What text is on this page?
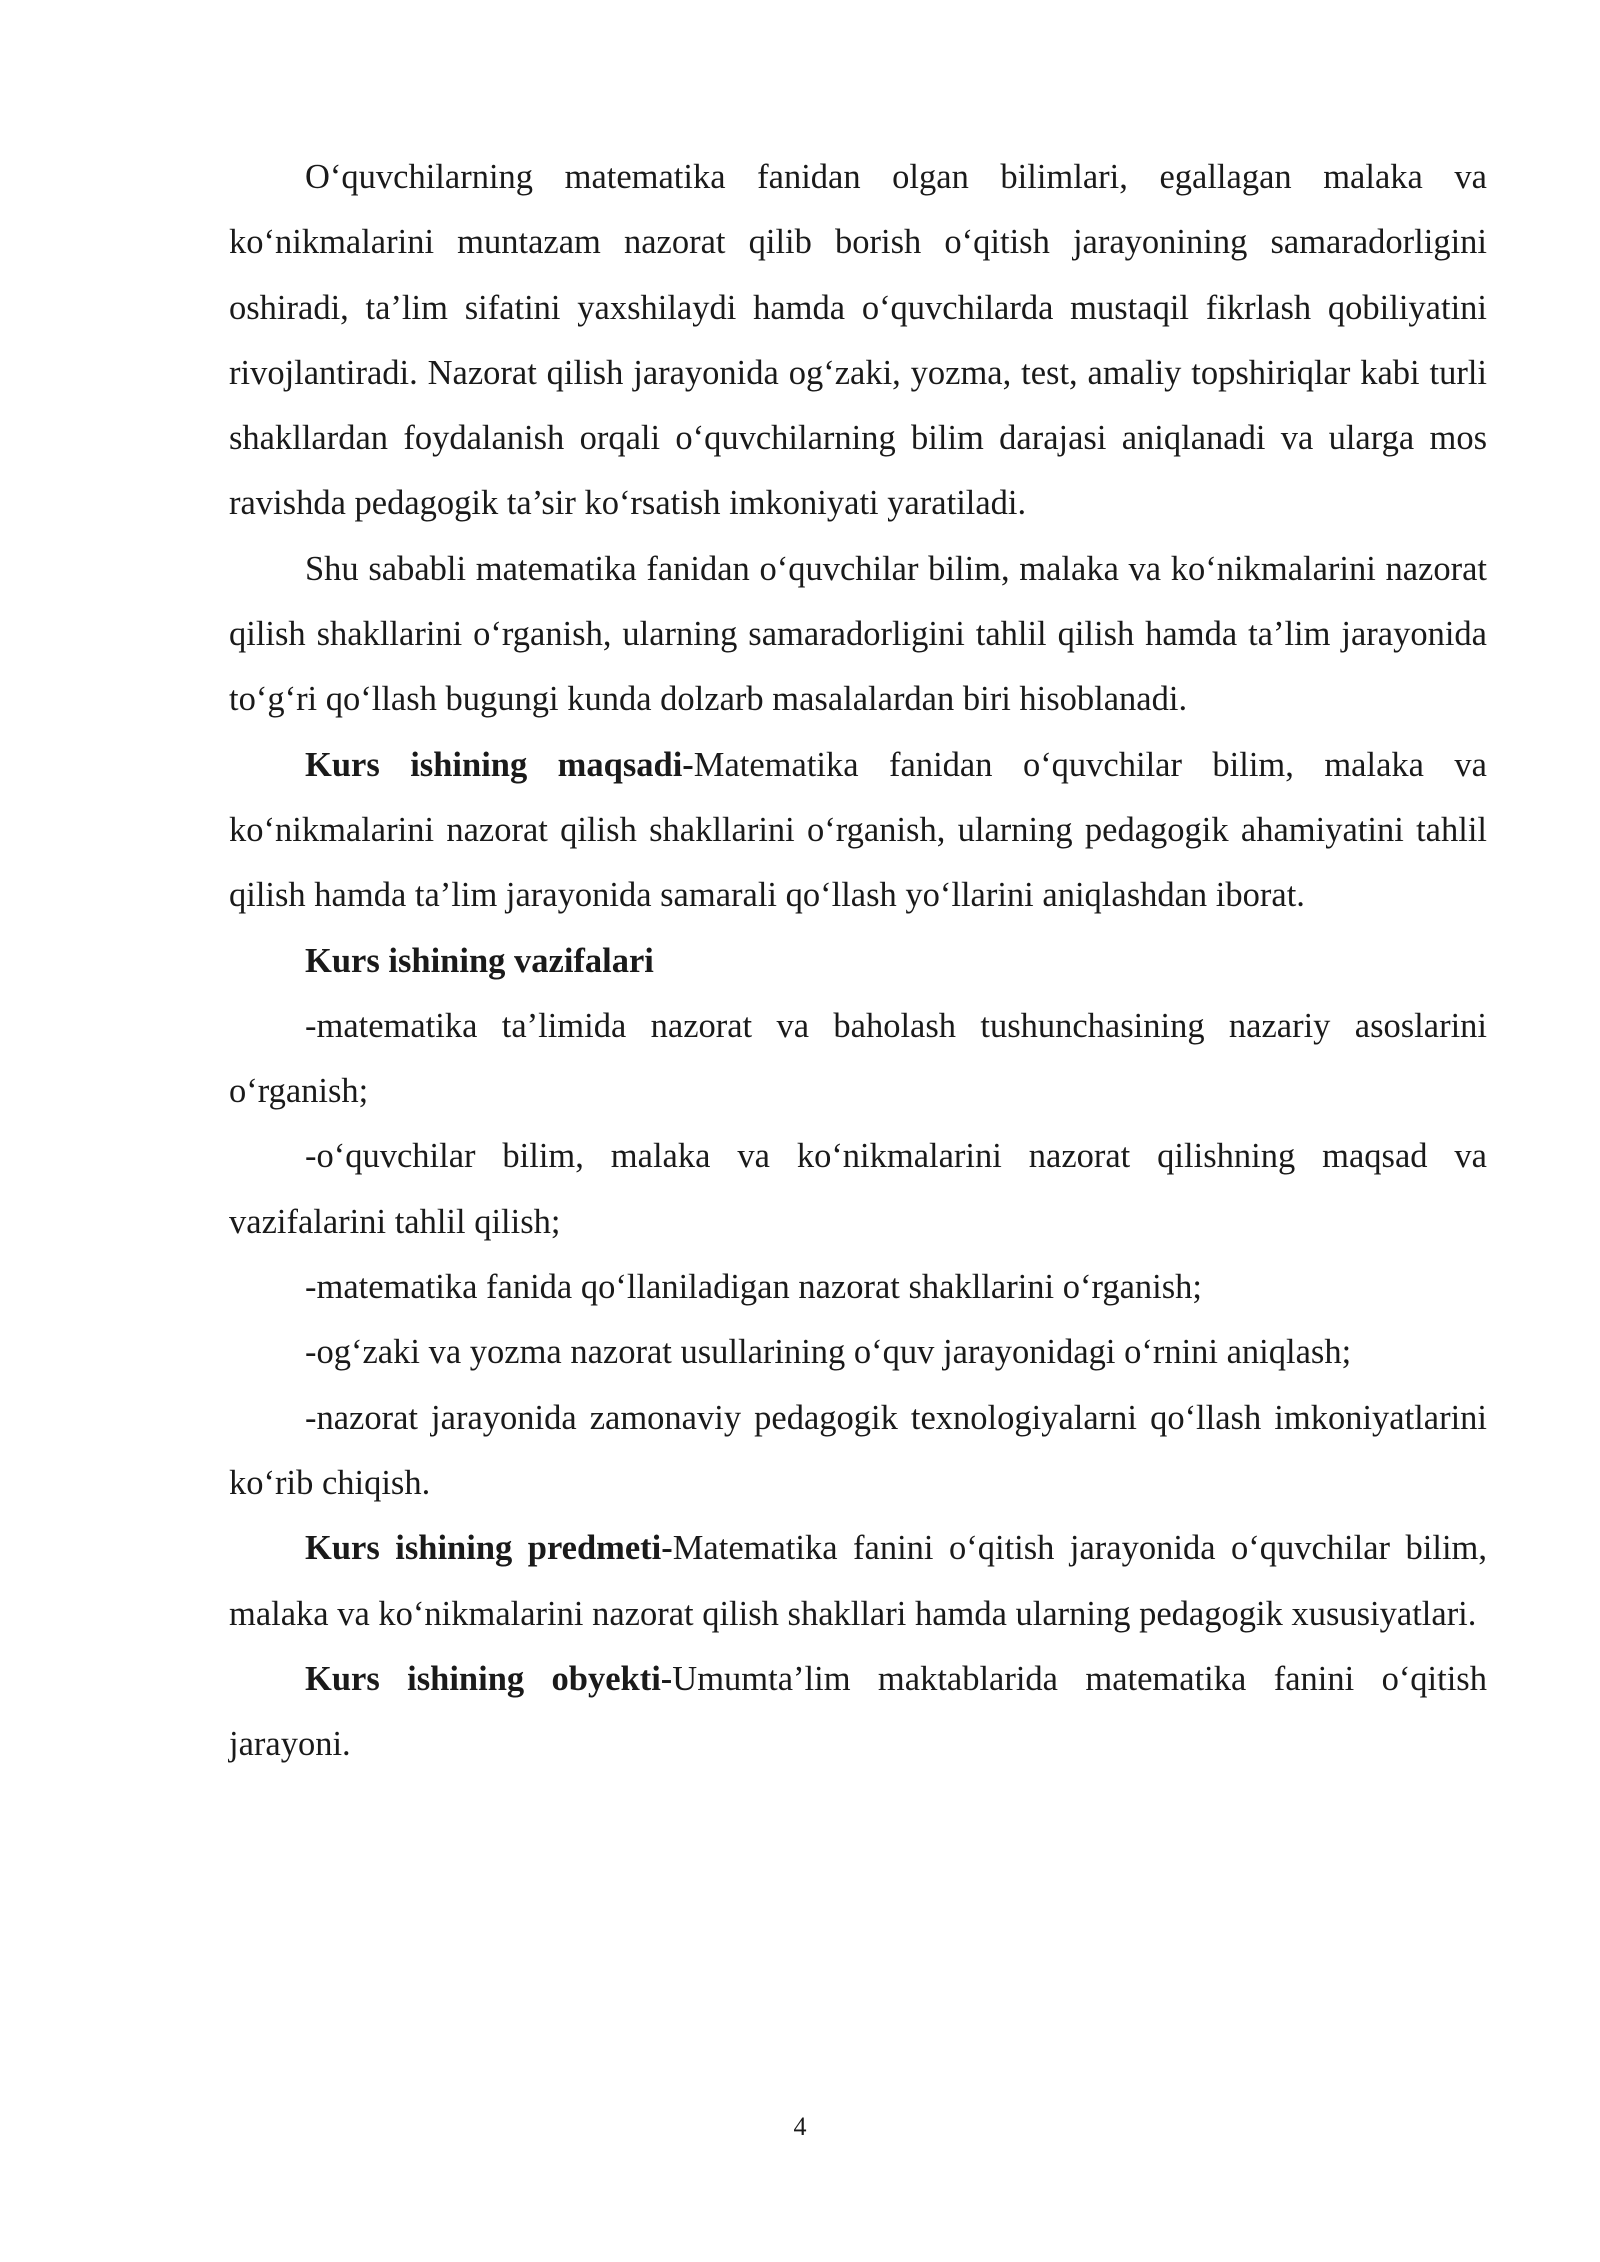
O‘quvchilarning matematika fanidan olgan bilimlari, egallagan malaka va ko‘nikmalarini muntazam nazorat qilib borish o‘qitish jarayonining samaradorligini oshiradi, ta’lim sifatini yaxshilaydi hamda o‘quvchilarda mustaqil fikrlash qobiliyatini rivojlantiradi. Nazorat qilish jarayonida og‘zaki, yozma, test, amaliy topshiriqlar kabi turli shakllardan foydalanish orqali o‘quvchilarning bilim darajasi aniqlanadi va ularga mos ravishda pedagogik ta’sir ko‘rsatish imkoniyati yaratiladi.

Shu sababli matematika fanidan o‘quvchilar bilim, malaka va ko‘nikmalarini nazorat qilish shakllarini o‘rganish, ularning samaradorligini tahlil qilish hamda ta’lim jarayonida to‘g‘ri qo‘llash bugungi kunda dolzarb masalalardan biri hisoblanadi.

Kurs ishining maqsadi-Matematika fanidan o‘quvchilar bilim, malaka va ko‘nikmalarini nazorat qilish shakllarini o‘rganish, ularning pedagogik ahamiyatini tahlil qilish hamda ta’lim jarayonida samarali qo‘llash yo‘llarini aniqlashdan iborat.

Kurs ishining vazifalari

-matematika ta’limida nazorat va baholash tushunchasining nazariy asoslarini o‘rganish;

-o‘quvchilar bilim, malaka va ko‘nikmalarini nazorat qilishning maqsad va vazifalarini tahlil qilish;

-matematika fanida qo‘llaniladigan nazorat shakllarini o‘rganish;

-og‘zaki va yozma nazorat usullarining o‘quv jarayonidagi o‘rnini aniqlash;

-nazorat jarayonida zamonaviy pedagogik texnologiyalarni qo‘llash imkoniyatlarini ko‘rib chiqish.

Kurs ishining predmeti-Matematika fanini o‘qitish jarayonida o‘quvchilar bilim, malaka va ko‘nikmalarini nazorat qilish shakllari hamda ularning pedagogik xususiyatlari.

Kurs ishining obyekti-Umumta’lim maktablarida matematika fanini o‘qitish jarayoni.

4
